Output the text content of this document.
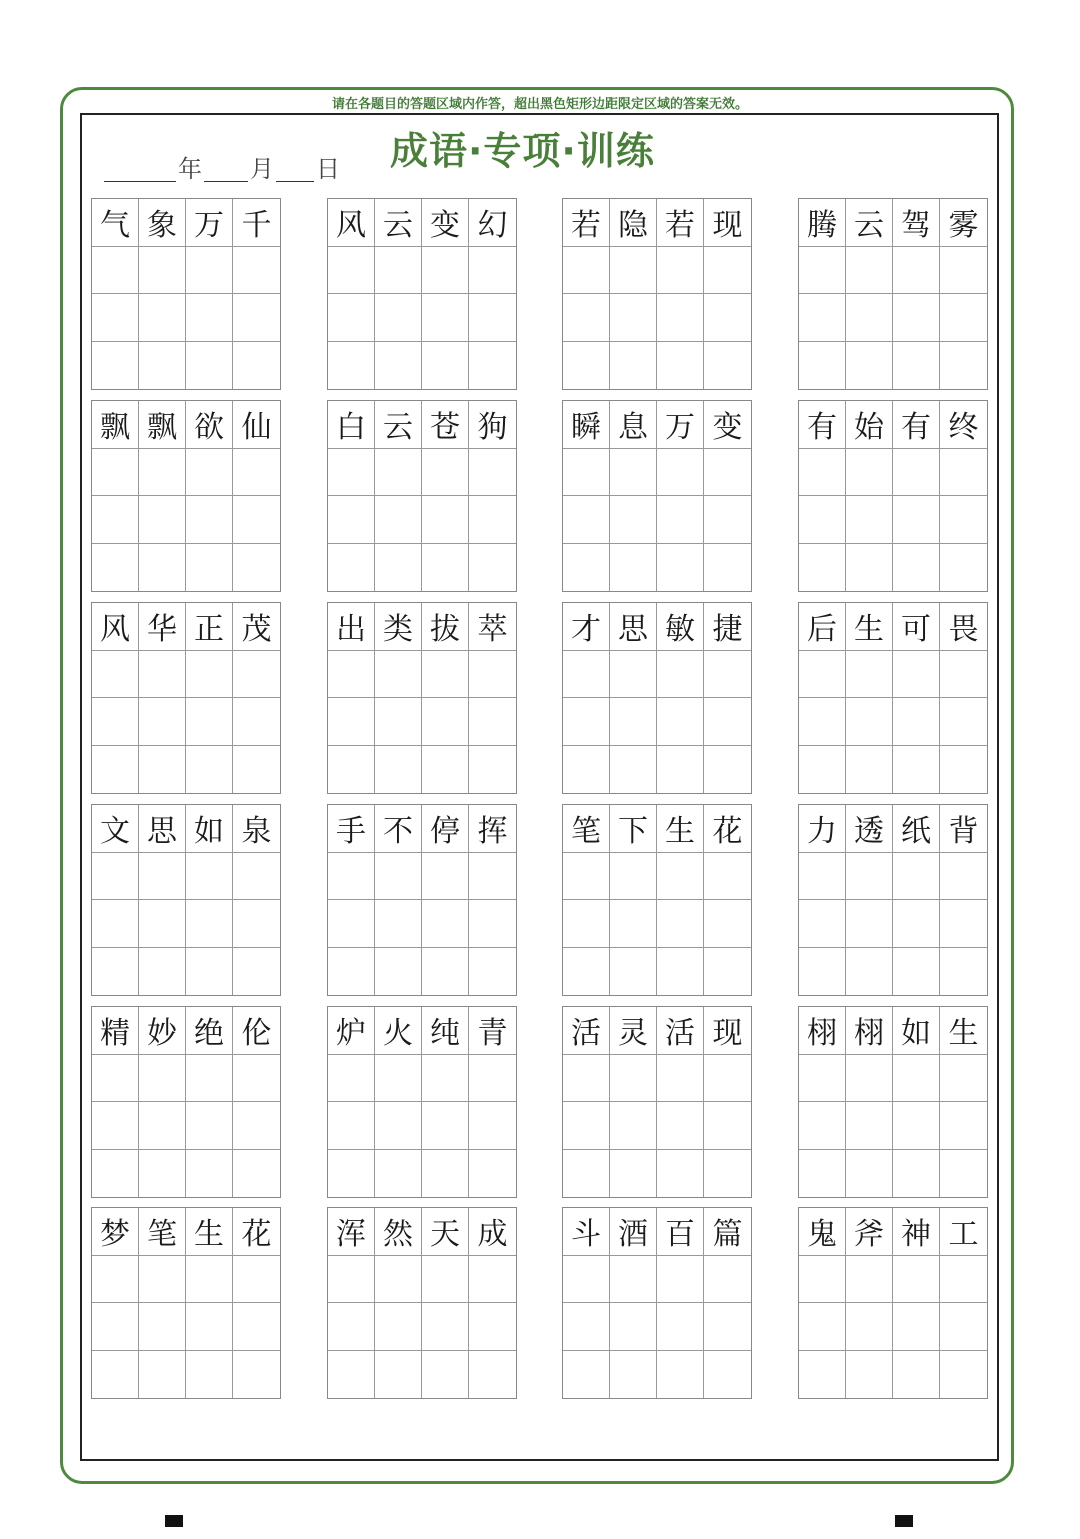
请在各题目的答题区域内作答，超出黑色矩形边距限定区域的答案无效。
成语·专项·训练
年 月 日
气 象 万 千 风 云 变 幻 若 隐 若 现 腾 云 驾 雾
飘 飘 欲 仙 白 云 苍 狗 瞬 息 万 变 有 始 有 终
风 华 正 茂 出 类 拔 萃 才 思 敏 捷 后 生 可 畏
文 思 如 泉 手 不 停 挥 笔 下 生 花 力 透 纸 背
精 妙 绝 伦 炉 火 纯 青 活 灵 活 现 栩 栩 如 生
梦 笔 生 花 浑 然 天 成 斗 酒 百 篇 鬼 斧 神 工
